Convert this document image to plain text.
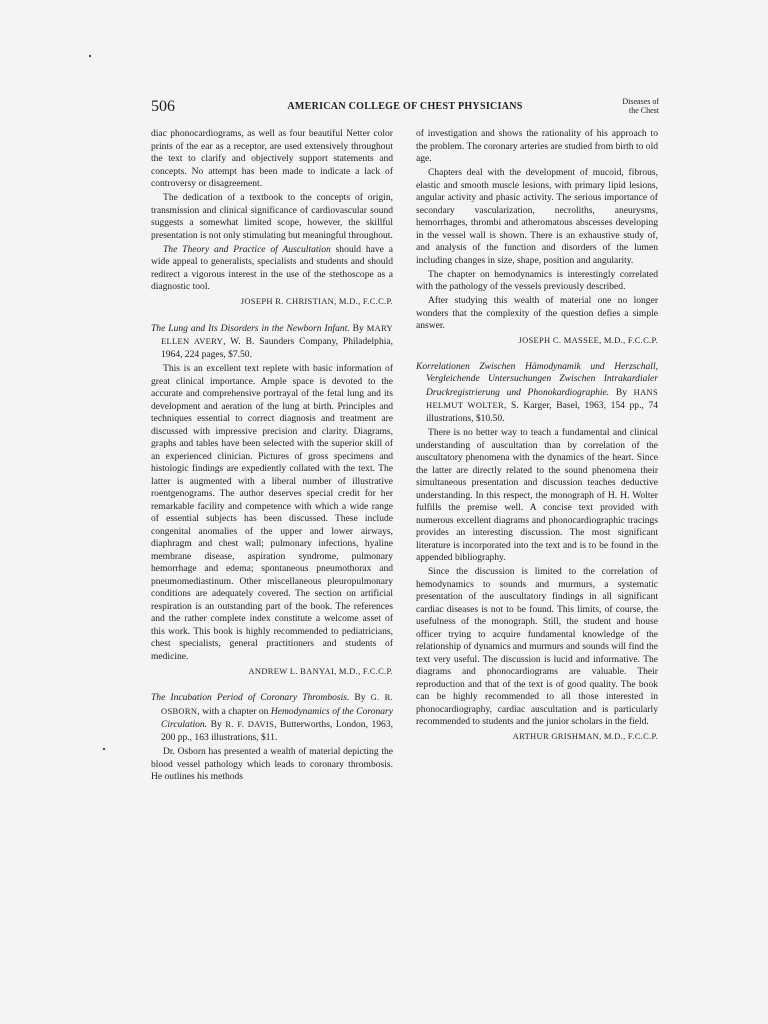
506	AMERICAN COLLEGE OF CHEST PHYSICIANS	Diseases of
the Chest

diac phonocardiograms, as well as four beautiful Netter color prints of the ear as a receptor, are used extensively throughout the text to clarify and objectively support statements and concepts. No attempt has been made to indicate a lack of controversy or disagreement.

The dedication of a textbook to the concepts of origin, transmission and clinical significance of cardiovascular sound suggests a somewhat limited scope, however, the skillful presentation is not only stimulating but meaningful throughout.

The Theory and Practice of Auscultation should have a wide appeal to generalists, specialists and students and should redirect a vigorous interest in the use of the stethoscope as a diagnostic tool.

JOSEPH R. CHRISTIAN, M.D., F.C.C.P.
The Lung and Its Disorders in the Newborn Infant. By MARY ELLEN AVERY, W. B. Saunders Company, Philadelphia, 1964, 224 pages, $7.50.

This is an excellent text replete with basic information of great clinical importance. Ample space is devoted to the accurate and comprehensive portrayal of the fetal lung and its development and aeration of the lung at birth. Principles and techniques essential to correct diagnosis and treatment are discussed with impressive precision and clarity. Diagrams, graphs and tables have been selected with the superior skill of an experienced clinician. Pictures of gross specimens and histologic findings are expediently collated with the text. The latter is augmented with a liberal number of illustrative roentgenograms. The author deserves special credit for her remarkable facility and competence with which a wide range of essential subjects has been discussed. These include congenital anomalies of the upper and lower airways, diaphragm and chest wall; pulmonary infections, hyaline membrane disease, aspiration syndrome, pulmonary hemorrhage and edema; spontaneous pneumothorax and pneumomediastinum. Other miscellaneous pleuropulmonary conditions are adequately covered. The section on artificial respiration is an outstanding part of the book. The references and the rather complete index constitute a welcome asset of this work. This book is highly recommended to pediatricians, chest specialists, general practitioners and students of medicine.

ANDREW L. BANYAI, M.D., F.C.C.P.
The Incubation Period of Coronary Thrombosis. By G. R. OSBORN, with a chapter on Hemodynamics of the Coronary Circulation. By R. F. DAVIS, Butterworths, London, 1963, 200 pp., 163 illustrations, $11.

Dr. Osborn has presented a wealth of material depicting the blood vessel pathology which leads to coronary thrombosis. He outlines his methods

of investigation and shows the rationality of his approach to the problem. The coronary arteries are studied from birth to old age.

Chapters deal with the development of mucoid, fibrous, elastic and smooth muscle lesions, with primary lipid lesions, angular activity and phasic activity. The serious importance of secondary vascularization, necroliths, aneurysms, hemorrhages, thrombi and atheromatous abscesses developing in the vessel wall is shown. There is an exhaustive study of, and analysis of the function and disorders of the lumen including changes in size, shape, position and angularity.

The chapter on hemodynamics is interestingly correlated with the pathology of the vessels previously described.

After studying this wealth of material one no longer wonders that the complexity of the question defies a simple answer.

JOSEPH C. MASSEE, M.D., F.C.C.P.
Korrelationen Zwischen Hämodynamik und Herzschall, Vergleichende Untersuchungen Zwischen Intrakardialer Druckregistrierung und Phonokardiographie. By HANS HELMUT WOLTER, S. Karger, Basel, 1963, 154 pp., 74 illustrations, $10.50.

There is no better way to teach a fundamental and clinical understanding of auscultation than by correlation of the auscultatory phenomena with the dynamics of the heart. Since the latter are directly related to the sound phenomena their simultaneous presentation and discussion teaches deductive understanding. In this respect, the monograph of H. H. Wolter fulfills the premise well. A concise text provided with numerous excellent diagrams and phonocardiographic tracings provides an interesting discussion. The most significant literature is incorporated into the text and is to be found in the appended bibliography.

Since the discussion is limited to the correlation of hemodynamics to sounds and murmurs, a systematic presentation of the auscultatory findings in all significant cardiac diseases is not to be found. This limits, of course, the usefulness of the monograph. Still, the student and house officer trying to acquire fundamental knowledge of the relationship of dynamics and murmurs and sounds will find the text very useful. The discussion is lucid and informative. The diagrams and phonocardiograms are valuable. Their reproduction and that of the text is of good quality. The book can be highly recommended to all those interested in phonocardiography, cardiac auscultation and is particularly recommended to students and the junior scholars in the field.

ARTHUR GRISHMAN, M.D., F.C.C.P.
